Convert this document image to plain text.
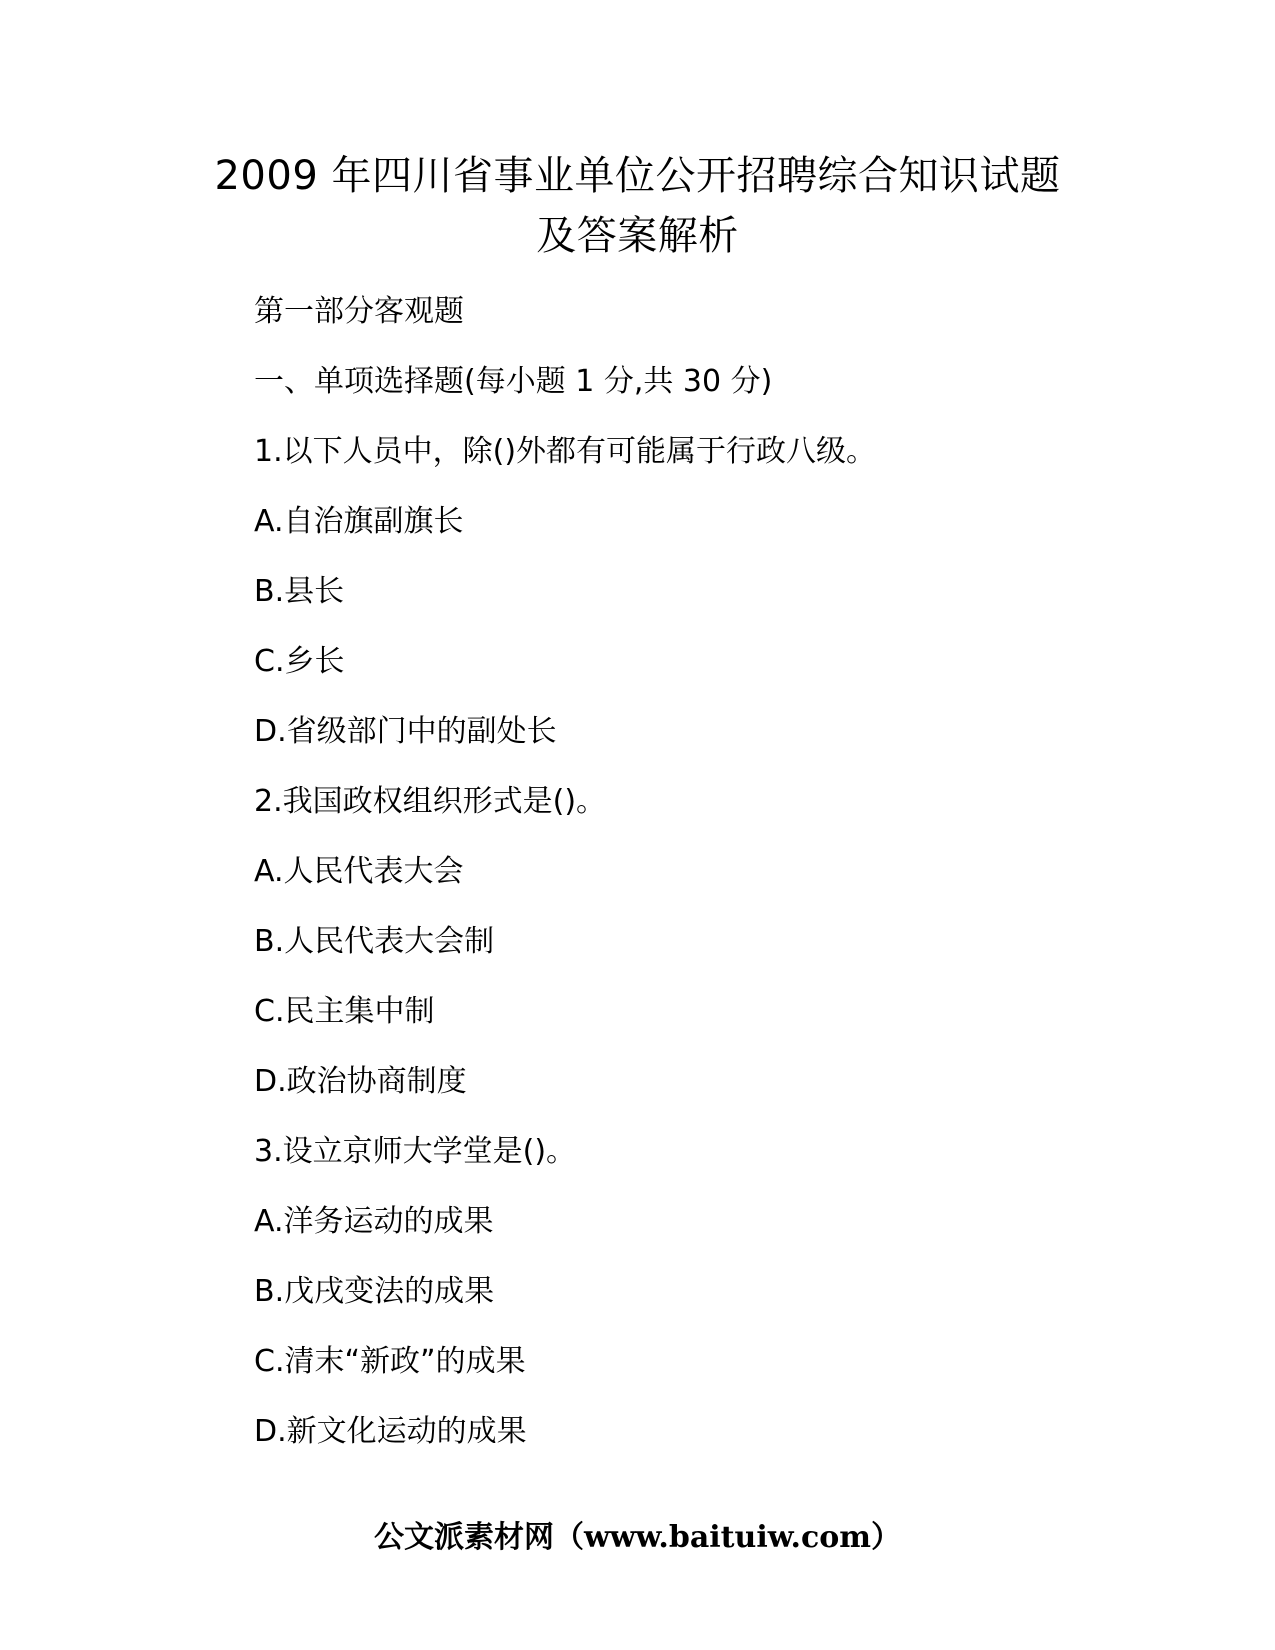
2009 年四川省事业单位公开招聘综合知识试题
及答案解析
第一部分客观题
一、单项选择题(每小题 1 分,共 30 分)
1.以下人员中，除()外都有可能属于行政八级。
A.自治旗副旗长
B.县长
C.乡长
D.省级部门中的副处长
2.我国政权组织形式是()。
A.人民代表大会
B.人民代表大会制
C.民主集中制
D.政治协商制度
3.设立京师大学堂是()。
A.洋务运动的成果
B.戊戌变法的成果
C.清末“新政”的成果
D.新文化运动的成果
公文派素材网（www.baituiw.com）
